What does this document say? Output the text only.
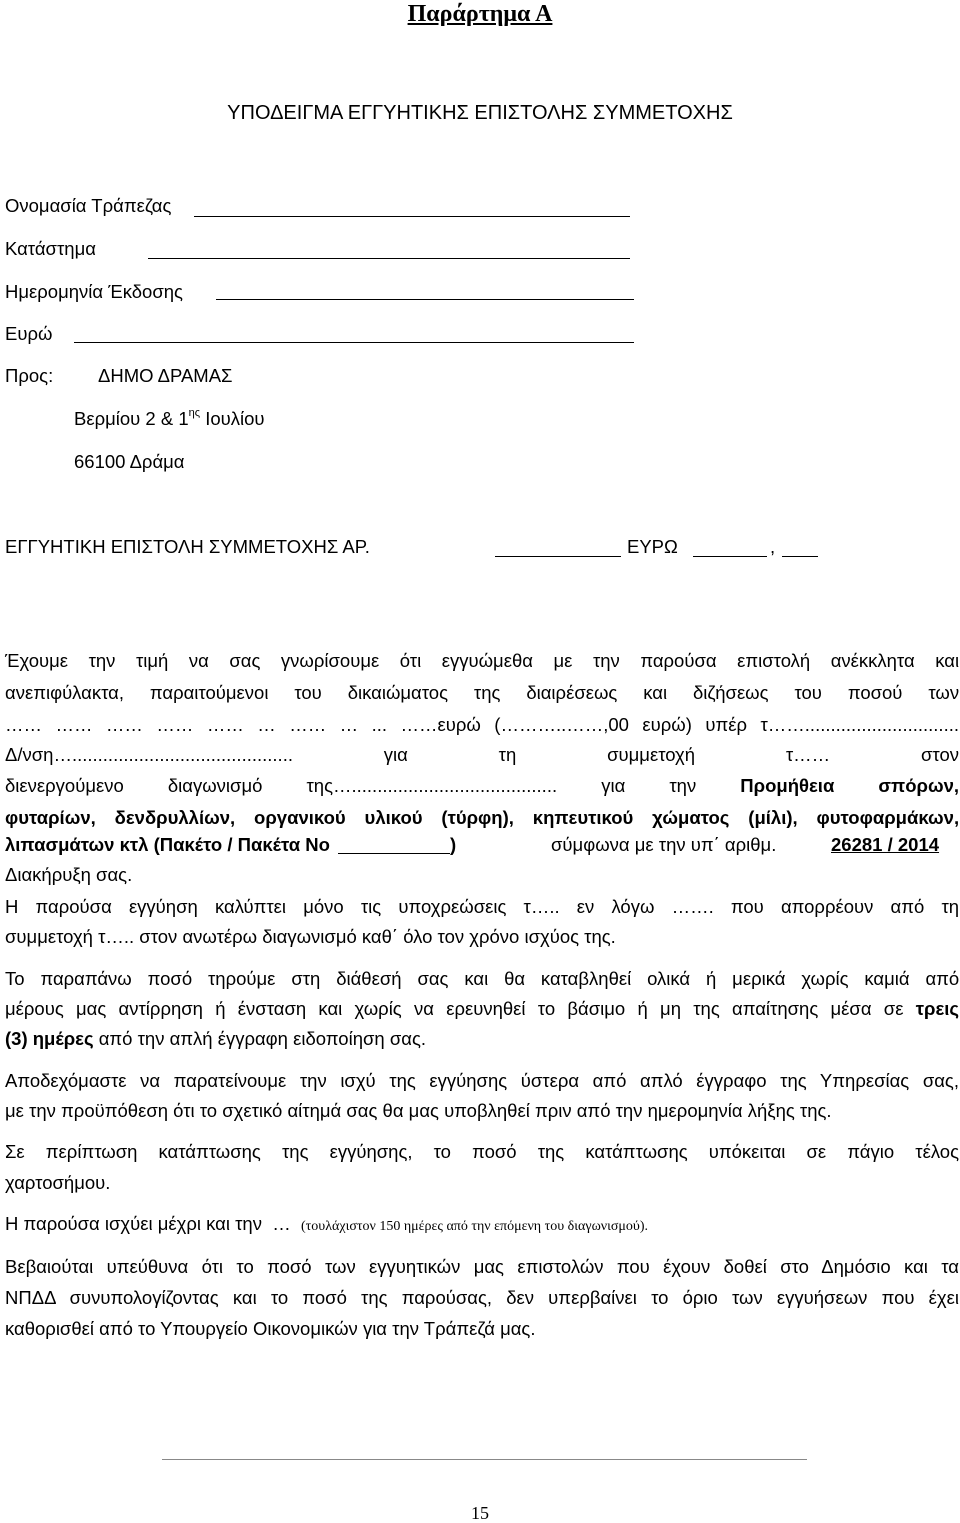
Παράρτημα Α
ΥΠΟΔΕΙΓΜΑ ΕΓΓΥΗΤΙΚΗΣ ΕΠΙΣΤΟΛΗΣ ΣΥΜΜΕΤΟΧΗΣ
Ονομασία Τράπεζας
Κατάστημα
Ημερομηνία Έκδοσης
Ευρώ
Προς: ΔΗΜΟ ΔΡΑΜΑΣ
Βερμίου 2 & $1^{\eta\varsigma}$ Ιουλίου
66100 Δράμα
ΕΓΓΥΗΤΙΚΗ ΕΠΙΣΤΟΛΗ ΣΥΜΜΕΤΟΧΗΣ ΑΡ.	ΕΥΡΩ	,
Έχουμε την τιμή να σας γνωρίσουμε ότι εγγυώμεθα με την παρούσα επιστολή ανέκκλητα και
ανεπιφύλακτα, παραιτούμενοι του δικαιώματος της διαιρέσεως και διζήσεως του ποσού των
…… …… …… …… …… … …… … ... ……ευρώ (………..……,00 ευρώ) υπέρ τ……..............................
Δ/νση…...........................................	για	τη	συμμετοχή	τ……	στον
διενεργούμενο διαγωνισμό της…........................................ για την Προμήθεια σπόρων,
φυταρίων, δενδρυλλίων, οργανικού υλικού (τύρφη), κηπευτικού χώματος (μίλι), φυτοφαρμάκων,
λιπασμάτων κτλ (Πακέτο / Πακέτα Νο	)	σύμφωνα με την υπ΄ αριθμ.	26281 / 2014
Διακήρυξη σας.
Η παρούσα εγγύηση καλύπτει μόνο τις υποχρεώσεις τ….. εν λόγω ……. που απορρέουν από τη
συμμετοχή τ….. στον ανωτέρω διαγωνισμό καθ΄ όλο τον χρόνο ισχύος της.
Το παραπάνω ποσό τηρούμε στη διάθεσή σας και θα καταβληθεί ολικά ή μερικά χωρίς καμιά από
μέρους μας αντίρρηση ή ένσταση και χωρίς να ερευνηθεί το βάσιμο ή μη της απαίτησης μέσα σε τρεις
(3) ημέρες από την απλή έγγραφη ειδοποίηση σας.
Αποδεχόμαστε να παρατείνουμε την ισχύ της εγγύησης ύστερα από απλό έγγραφο της Υπηρεσίας σας,
με την προϋπόθεση ότι το σχετικό αίτημά σας θα μας υποβληθεί πριν από την ημερομηνία λήξης της.
Σε περίπτωση κατάπτωσης της εγγύησης, το ποσό της κατάπτωσης υπόκειται σε πάγιο τέλος
χαρτοσήμου.
Η παρούσα ισχύει μέχρι και την … (τουλάχιστον 150 ημέρες από την επόμενη του διαγωνισμού).
Βεβαιούται υπεύθυνα ότι το ποσό των εγγυητικών μας επιστολών που έχουν δοθεί στο Δημόσιο και τα
ΝΠΔΔ συνυπολογίζοντας και το ποσό της παρούσας, δεν υπερβαίνει το όριο των εγγυήσεων που έχει
καθορισθεί από το Υπουργείο Οικονομικών για την Τράπεζά μας.
15
